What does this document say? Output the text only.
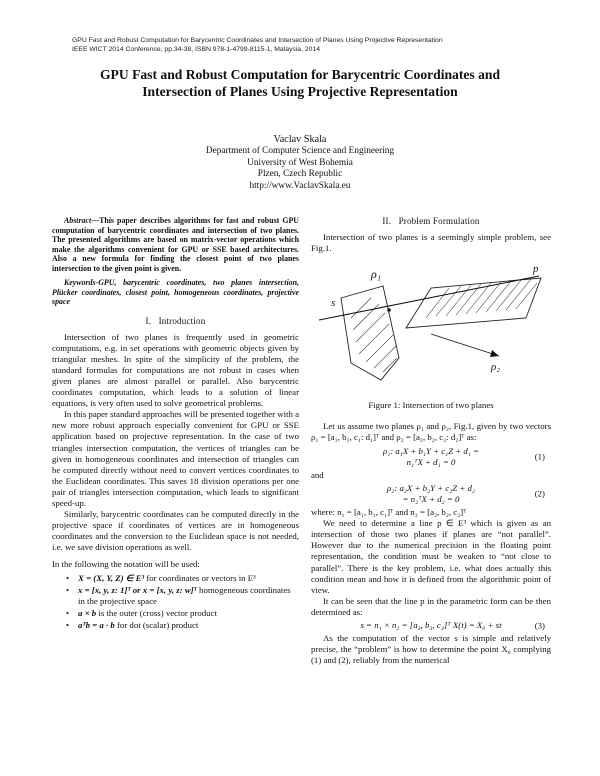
GPU Fast and Robust Computation for Barycentric Coordinates and Intersection of Planes Using Projective Representation
IEEE WICT 2014 Conference, pp.34-38, ISBN 978-1-4799-8115-1, Malaysia, 2014
GPU Fast and Robust Computation for Barycentric Coordinates and
Intersection of Planes Using Projective Representation
Vaclav Skala
Department of Computer Science and Engineering
University of West Bohemia
Plzen, Czech Republic
http://www.VaclavSkala.eu

Abstract—This paper describes algorithms for fast and robust GPU computation of barycentric coordinates and intersection of two planes. The presented algorithms are based on matrix-vector operations which make the algorithms convenient for GPU or SSE based architectures. Also a new formula for finding the closest point of two planes intersection to the given point is given.

Keywords-GPU, barycentric coordinates, two planes intersection, Plücker coordinates, closest point, homogeneous coordinates, projective space

I. Introduction

Intersection of two planes is frequently used in geometric computations, e.g. in set operations with geometric objects given by triangular meshes. In spite of the simplicity of the problem, the standard formulas for computations are not robust in cases when given planes are almost parallel or parallel. Also barycentric coordinates computation, which leads to a solution of linear equations, is very often used to solve geometrical problems.

In this paper standard approaches will be presented together with a new more robust approach especially convenient for GPU or SSE application based on projective representation. In the case of two triangles intersection computation, the vertices of triangles can be given in homogeneous coordinates and intersection of triangles can be computed directly without need to convert vertices coordinates to the Euclidean coordinates. This saves 18 division operations per one pair of triangles intersection computation, which leads to significant speed-up.

Similarly, barycentric coordinates can be computed directly in the projective space if coordinates of vertices are in homogeneous coordinates and the conversion to the Euclidean space is not needed, i.e. we save division operations as well.

In the following the notation will be used:

• X = (X, Y, Z) ∈ E³ for coordinates or vectors in E³
• x = [x, y, z: 1]ᵀ or x = [x, y, z: w]ᵀ homogeneous coordinates in the projective space
• a × b is the outer (cross) vector product
• aᵀb = a · b for dot (scalar) product
II. Problem Formulation

Intersection of two planes is a seemingly simple problem, see Fig.1.

ρ₁
ρ₂
p
s

Figure 1: Intersection of two planes

Let us assume two planes ρ₁ and ρ₂, Fig.1, given by two vectors ρ₁ = [a₁, b₁, c₁: d₁]ᵀ and ρ₂ = [a₂, b₂, c₂: d₂]ᵀ as:

ρ₁: a₁X + b₁Y + c₁Z + d₁ =
n₁ᵀX + d₁ = 0
(1)

and

ρ₂: a₂X + b₂Y + c₂Z + d₂
= n₂ᵀX + d₂ = 0
(2)

where: n₁ = [a₁, b₁, c₁]ᵀ and n₂ = [a₂, b₂, c₂]ᵀ

We need to determine a line p ∈ E³ which is given as an intersection of those two planes if planes are “not parallel”. However due to the numerical precision in the floating point representation, the condition must be weaken to “not close to parallel”. There is the key problem, i.e. what does actually this condition mean and how it is defined from the algorithmic point of view.

It can be seen that the line p in the parametric form can be then determined as:

s = n₁ × n₂ = [a₃, b₃, c₃]ᵀ X(t) = X₀ + st	(3)

As the computation of the vector s is simple and relatively precise, the “problem” is how to determine the point X₀ complying (1) and (2), reliably from the numerical
